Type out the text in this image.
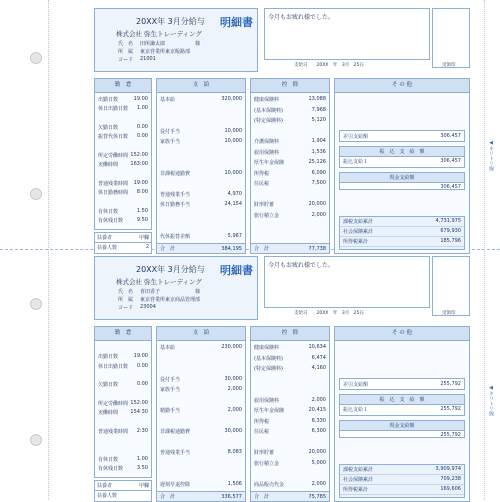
◀キリトリ線
◀キリトリ線
20XX年 3月分給与 明細書
株式会社 弥生トレーディング
氏　名	田所謙太郎　　　　　　様
所　属	東京営業所東京販路部
コード	21001
今月もお疲れ様でした。
支給日　　20XX　年　3月　25日	受領印
勤　怠
出勤日数	19.00
休日出勤日数 1.00
欠勤日数	0.00
振替代休日数 0.00
所定労働時間 152:00
実働時間 163:00
普通残業時間 19:00
休日勤務時間 8:00
有休日数	1.50
有休残日数	9.50
扶養者	甲欄
扶養人数	2
支　給
基本給	320,000
役付手当	10,000
家族手当	10,000
非課税通勤費	10,000
普通残業手当	4,970
休日勤務手当	24,154
代休振替差額	5,967
合　計	384,195
控　除
健康保険料	13,088
(基本保険料)	7,968
(特定保険料)	5,120
介護保険料	1,904
雇用保険料	1,536
厚生年金保険	25,126
所得税	6,090
住民税	7,500
財形貯蓄	20,000
旅行積立金	2,000
合　計	77,738
そ の 他
差引支給額	306,457
振　込　支　給　額
振込支給１	306,457
現金支給額
306,457
課税支給累計	4,731,975
社会保険累計	679,930
所得税累計	185,796
20XX年 3月分給与 明細書
株式会社 弥生トレーディング
氏　名	喜田香子　　　　　　　様
所　属	東京営業所東京商品管理部
コード	23004
今月もお疲れ様でした。
支給日　　20XX　年　3月　25日	受領印
勤　怠
出勤日数	19.00
休日出勤日数 0.00
欠勤日数	0.00
所定労働時間 152:00
実働時間 154:30
普通残業時間 2:30
有休日数	1.00
有休残日数	3.50
扶養者	甲欄
扶養人数
支　給
基本給	230,000
役付手当	30,000
家族手当	2,000
精勤手当	2,000
非課税通勤費	30,000
普通残業手当	8,083
遅刻早退控除	1,506
合　計	336,577
控　除
健康保険料	10,634
(基本保険料)	6,474
(特定保険料)	4,160
雇用保険料	2,000
厚生年金保険	20,415
所得税	6,330
住民税	6,300
財形貯蓄	20,000
旅行積立金	5,000
商品販売代金	2,000
合　計	75,785
そ の 他
差引支給額	255,792
振　込　支　給　額
振込支給１	255,792
現金支給額
255,792
課税支給累計	3,909,974
社会保険累計	709,238
所得税累計	169,606
